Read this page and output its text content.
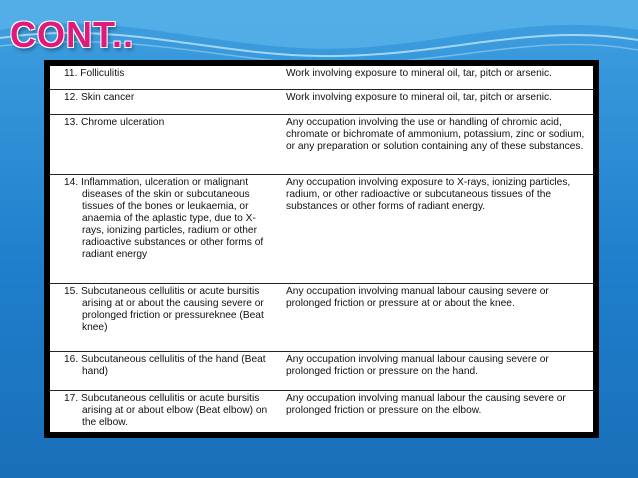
CONT..
11. Folliculitis	Work involving exposure to mineral oil, tar, pitch or arsenic.
12. Skin cancer	Work involving exposure to mineral oil, tar, pitch or arsenic.
13. Chrome ulceration	Any occupation involving the use or handling of chromic acid, chromate or bichromate of ammonium, potassium, zinc or sodium, or any preparation or solution containing any of these substances.

14. Inflammation, ulceration or malignant diseases of the skin or subcutaneous tissues of the bones or leukaemia, or anaemia of the aplastic type, due to X-rays, ionizing particles, radium or other radioactive substances or other forms of radiant energy	Any occupation involving exposure to X-rays, ionizing particles, radium, or other radioactive or subcutaneous tissues of the substances or other forms of radiant energy.

15. Subcutaneous cellulitis or acute bursitis arising at or about the causing severe or prolonged friction or pressureknee (Beat knee)	Any occupation involving manual labour causing severe or prolonged friction or pressure at or about the knee.

16. Subcutaneous cellulitis of the hand (Beat hand)	Any occupation involving manual labour causing severe or prolonged friction or pressure on the hand.

17. Subcutaneous cellulitis or acute bursitis arising at or about elbow (Beat elbow) on the elbow.	Any occupation involving manual labour the causing severe or prolonged friction or pressure on the elbow.
